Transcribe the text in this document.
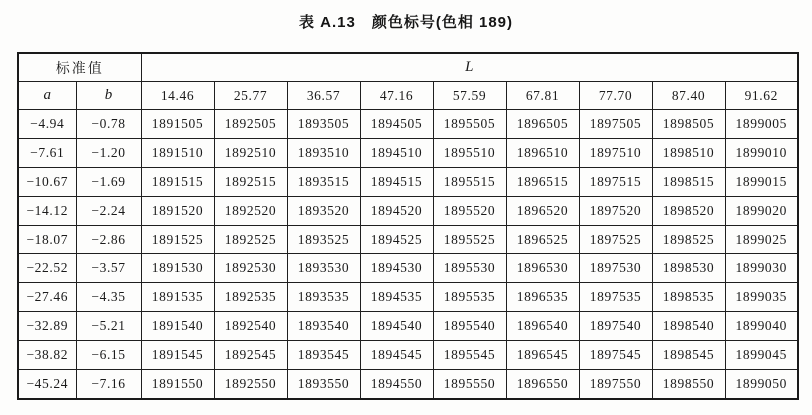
表 A.13　颜色标号(色相 189)
标准值		L								
a	b	14.46	25.77	36.57	47.16	57.59	67.81	77.70	87.40	91.62
−4.94	−0.78	1891505	1892505	1893505	1894505	1895505	1896505	1897505	1898505	1899005
−7.61	−1.20	1891510	1892510	1893510	1894510	1895510	1896510	1897510	1898510	1899010
−10.67	−1.69	1891515	1892515	1893515	1894515	1895515	1896515	1897515	1898515	1899015
−14.12	−2.24	1891520	1892520	1893520	1894520	1895520	1896520	1897520	1898520	1899020
−18.07	−2.86	1891525	1892525	1893525	1894525	1895525	1896525	1897525	1898525	1899025
−22.52	−3.57	1891530	1892530	1893530	1894530	1895530	1896530	1897530	1898530	1899030
−27.46	−4.35	1891535	1892535	1893535	1894535	1895535	1896535	1897535	1898535	1899035
−32.89	−5.21	1891540	1892540	1893540	1894540	1895540	1896540	1897540	1898540	1899040
−38.82	−6.15	1891545	1892545	1893545	1894545	1895545	1896545	1897545	1898545	1899045
−45.24	−7.16	1891550	1892550	1893550	1894550	1895550	1896550	1897550	1898550	1899050
